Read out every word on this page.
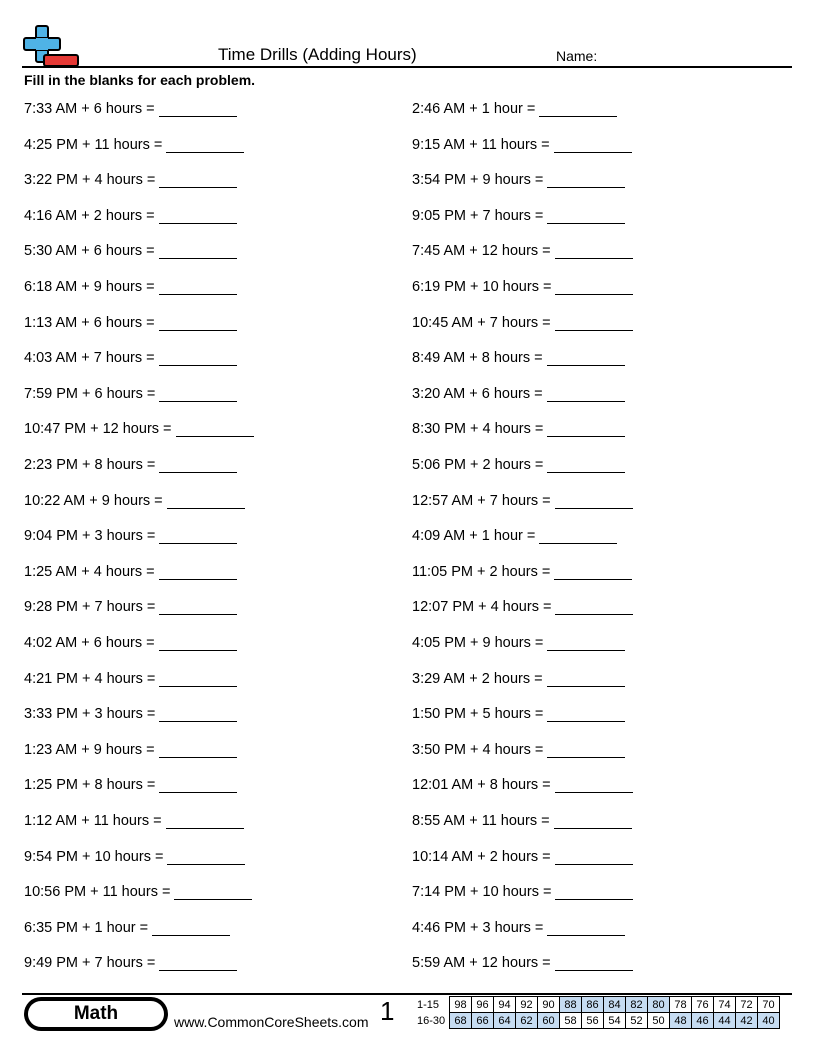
Time Drills (Adding Hours)	Name:
Fill in the blanks for each problem.
7:33 AM + 6 hours =
4:25 PM + 11 hours =
3:22 PM + 4 hours =
4:16 AM + 2 hours =
5:30 AM + 6 hours =
6:18 AM + 9 hours =
1:13 AM + 6 hours =
4:03 AM + 7 hours =
7:59 PM + 6 hours =
10:47 PM + 12 hours =
2:23 PM + 8 hours =
10:22 AM + 9 hours =
9:04 PM + 3 hours =
1:25 AM + 4 hours =
9:28 PM + 7 hours =
4:02 AM + 6 hours =
4:21 PM + 4 hours =
3:33 PM + 3 hours =
1:23 AM + 9 hours =
1:25 PM + 8 hours =
1:12 AM + 11 hours =
9:54 PM + 10 hours =
10:56 PM + 11 hours =
6:35 PM + 1 hour =
9:49 PM + 7 hours =
2:46 AM + 1 hour =
9:15 AM + 11 hours =
3:54 PM + 9 hours =
9:05 PM + 7 hours =
7:45 AM + 12 hours =
6:19 PM + 10 hours =
10:45 AM + 7 hours =
8:49 AM + 8 hours =
3:20 AM + 6 hours =
8:30 PM + 4 hours =
5:06 PM + 2 hours =
12:57 AM + 7 hours =
4:09 AM + 1 hour =
11:05 PM + 2 hours =
12:07 PM + 4 hours =
4:05 PM + 9 hours =
3:29 AM + 2 hours =
1:50 PM + 5 hours =
3:50 PM + 4 hours =
12:01 AM + 8 hours =
8:55 AM + 11 hours =
10:14 AM + 2 hours =
7:14 PM + 10 hours =
4:46 PM + 3 hours =
5:59 AM + 12 hours =
Math	www.CommonCoreSheets.com 1 1-15	98	96	94	92	90	88	86	84	82	80	78	76	74	72	70
16-30	68	66	64	62	60	58	56	54	52	50	48	46	44	42	40
